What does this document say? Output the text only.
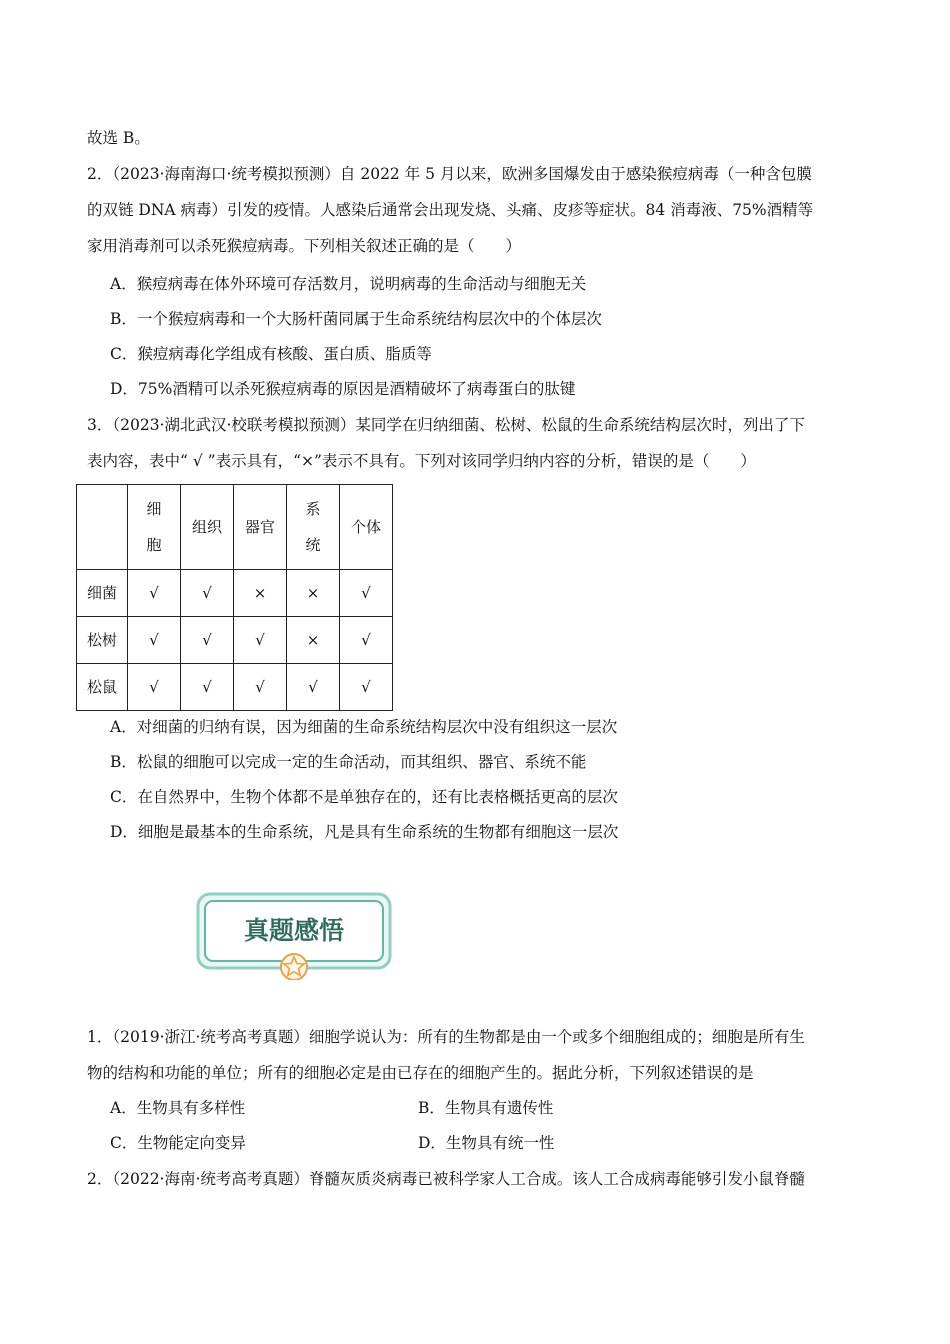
故选 B。
2．（2023·海南海口·统考模拟预测）自 2022 年 5 月以来，欧洲多国爆发由于感染猴痘病毒（一种含包膜
的双链 DNA 病毒）引发的疫情。人感染后通常会出现发烧、头痛、皮疹等症状。84 消毒液、75%酒精等
家用消毒剂可以杀死猴痘病毒。下列相关叙述正确的是（　　）
A．猴痘病毒在体外环境可存活数月，说明病毒的生命活动与细胞无关
B．一个猴痘病毒和一个大肠杆菌同属于生命系统结构层次中的个体层次
C．猴痘病毒化学组成有核酸、蛋白质、脂质等
D．75%酒精可以杀死猴痘病毒的原因是酒精破坏了病毒蛋白的肽键
3．（2023·湖北武汉·校联考模拟预测）某同学在归纳细菌、松树、松鼠的生命系统结构层次时，列出了下
表内容，表中“ √ ”表示具有，“×”表示不具有。下列对该同学归纳内容的分析，错误的是（　　）

	细
胞	组织	器官	系
统	个体
细菌	√	√	×	×	√
松树	√	√	√	×	√
松鼠	√	√	√	√	√
A．对细菌的归纳有误，因为细菌的生命系统结构层次中没有组织这一层次
B．松鼠的细胞可以完成一定的生命活动，而其组织、器官、系统不能
C．在自然界中，生物个体都不是单独存在的，还有比表格概括更高的层次
D．细胞是最基本的生命系统，凡是具有生命系统的生物都有细胞这一层次
真题感悟
1．（2019·浙江·统考高考真题）细胞学说认为：所有的生物都是由一个或多个细胞组成的；细胞是所有生
物的结构和功能的单位；所有的细胞必定是由已存在的细胞产生的。据此分析，下列叙述错误的是
A．生物具有多样性	B．生物具有遗传性
C．生物能定向变异	D．生物具有统一性
2．（2022·海南·统考高考真题）脊髓灰质炎病毒已被科学家人工合成。该人工合成病毒能够引发小鼠脊髓
